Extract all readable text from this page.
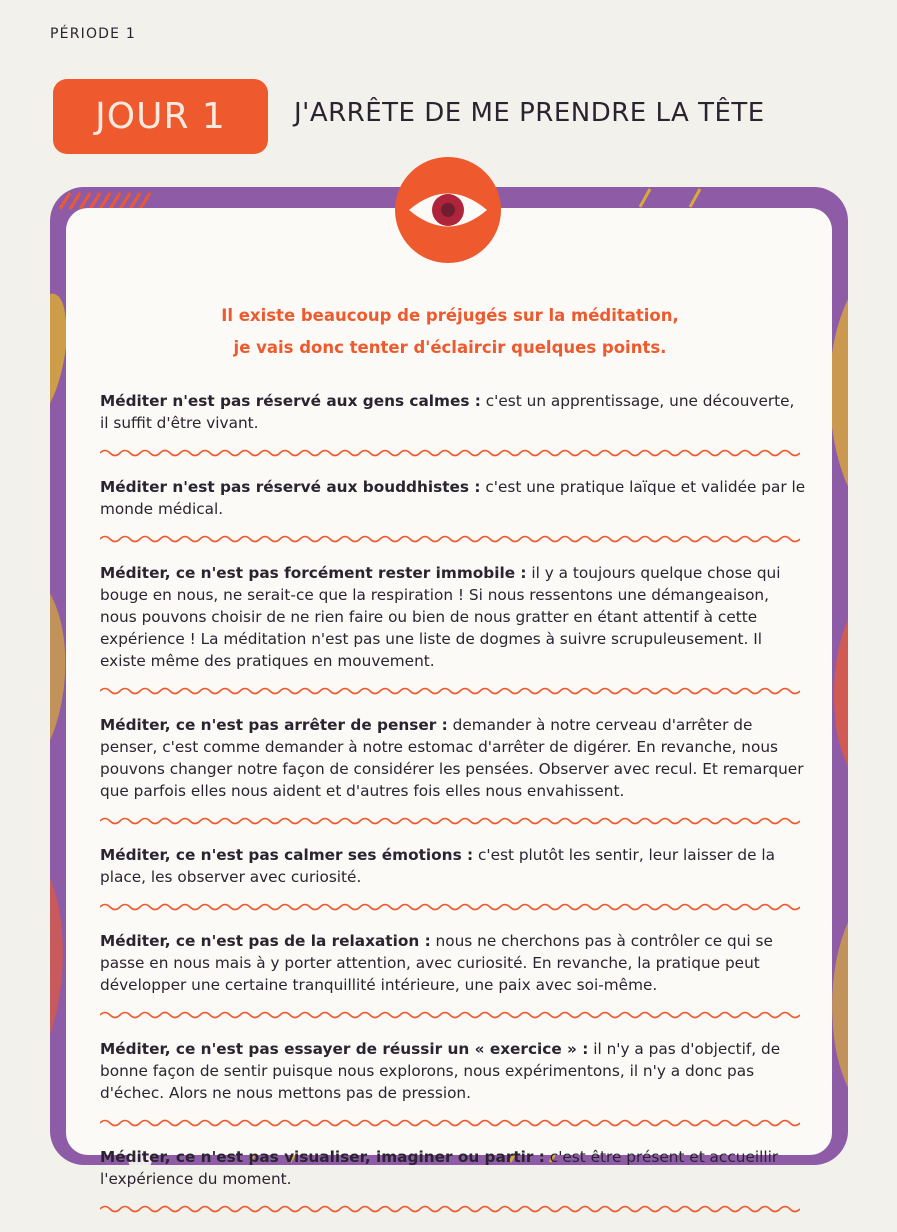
PÉRIODE 1
JOUR 1	J'ARRÊTE DE ME PRENDRE LA TÊTE
Il existe beaucoup de préjugés sur la méditation,
je vais donc tenter d'éclaircir quelques points.

Méditer n'est pas réservé aux gens calmes : c'est un apprentissage, une découverte, il suffit d'être vivant.

Méditer n'est pas réservé aux bouddhistes : c'est une pratique laïque et validée par le monde médical.

Méditer, ce n'est pas forcément rester immobile : il y a toujours quelque chose qui bouge en nous, ne serait-ce que la respiration ! Si nous ressentons une démangeaison, nous pouvons choisir de ne rien faire ou bien de nous gratter en étant attentif à cette expérience ! La méditation n'est pas une liste de dogmes à suivre scrupuleusement. Il existe même des pratiques en mouvement.

Méditer, ce n'est pas arrêter de penser : demander à notre cerveau d'arrêter de penser, c'est comme demander à notre estomac d'arrêter de digérer. En revanche, nous pouvons changer notre façon de considérer les pensées. Observer avec recul. Et remarquer que parfois elles nous aident et d'autres fois elles nous envahissent.

Méditer, ce n'est pas calmer ses émotions : c'est plutôt les sentir, leur laisser de la place, les observer avec curiosité.

Méditer, ce n'est pas de la relaxation : nous ne cherchons pas à contrôler ce qui se passe en nous mais à y porter attention, avec curiosité. En revanche, la pratique peut développer une certaine tranquillité intérieure, une paix avec soi-même.

Méditer, ce n'est pas essayer de réussir un « exercice » : il n'y a pas d'objectif, de bonne façon de sentir puisque nous explorons, nous expérimentons, il n'y a donc pas d'échec. Alors ne nous mettons pas de pression.

Méditer, ce n'est pas visualiser, imaginer ou partir : c'est être présent et accueillir l'expérience du moment.
